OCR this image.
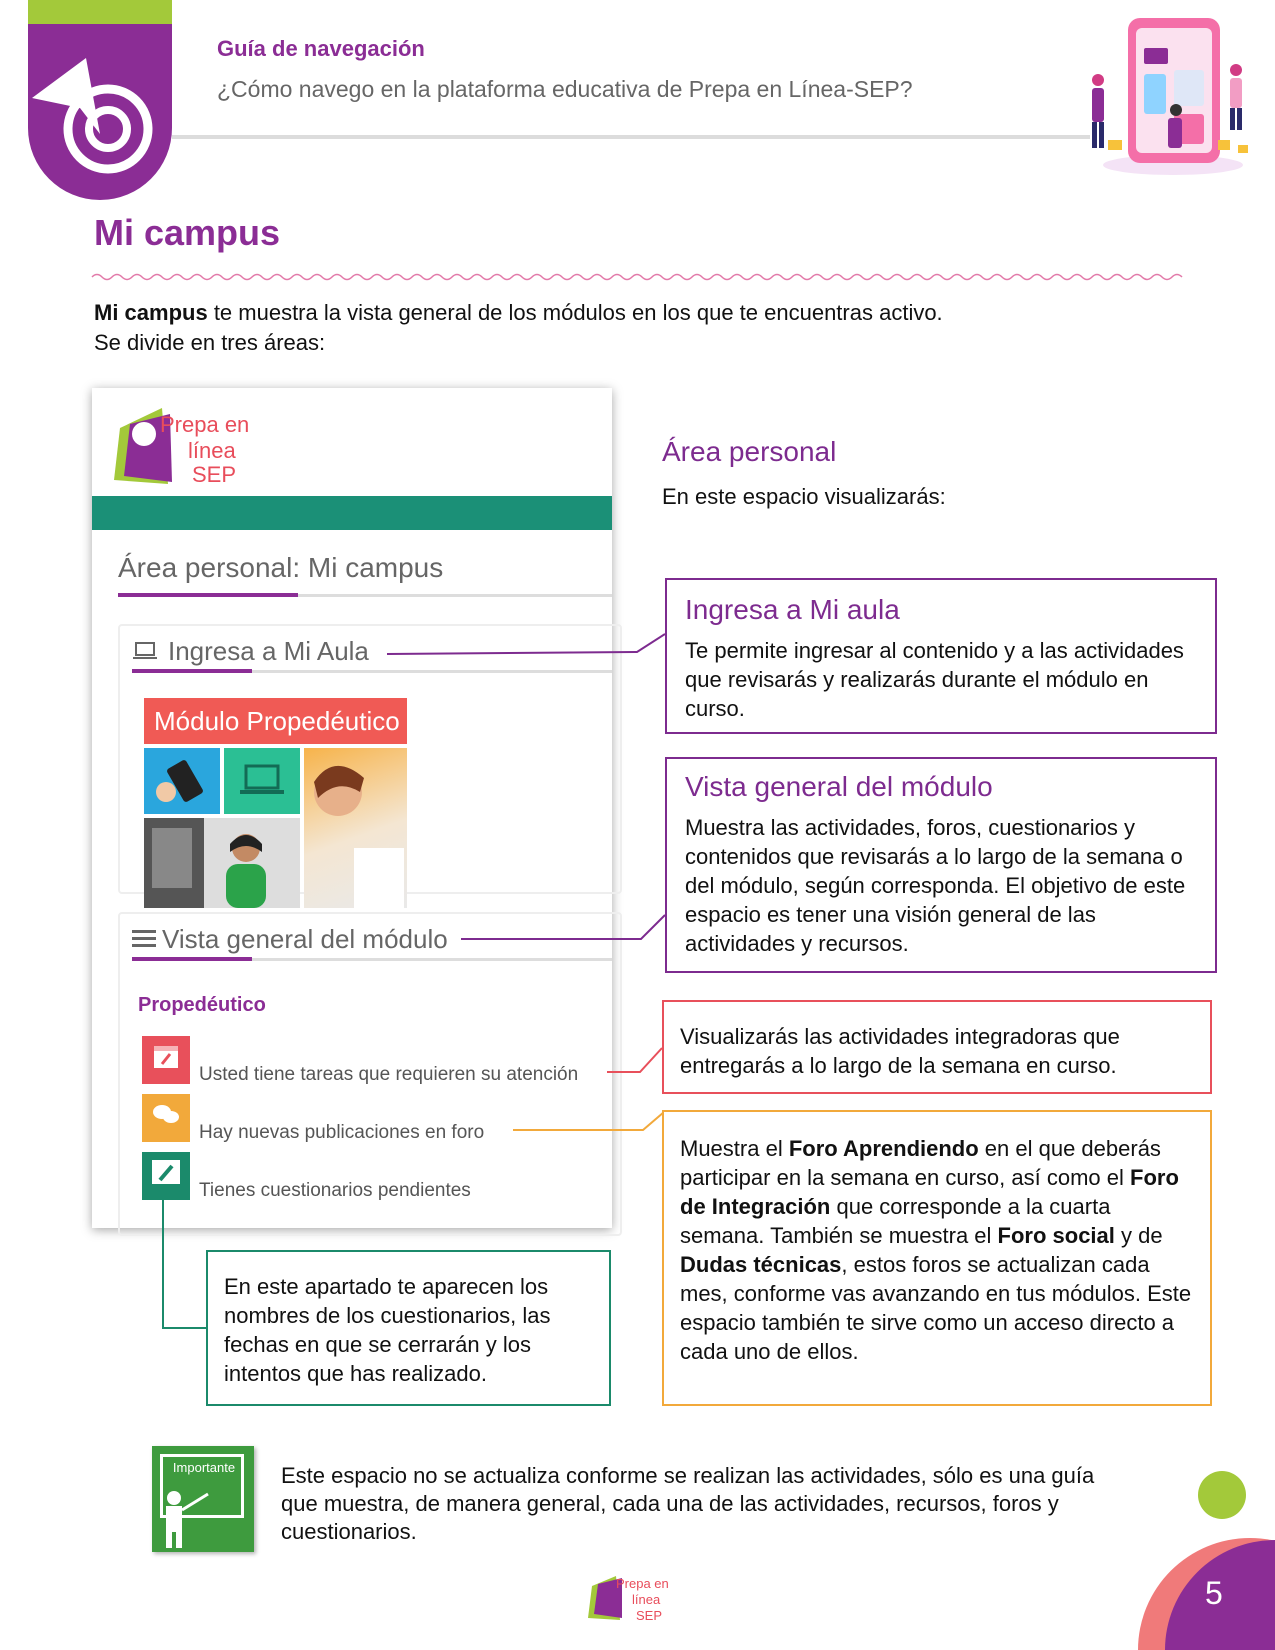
Guía de navegación
¿Cómo navego en la plataforma educativa de Prepa en Línea-SEP?
Mi campus
Mi campus te muestra la vista general de los módulos en los que te encuentras activo.
Se divide en tres áreas:
Prepa en
línea
SEP
Área personal: Mi campus
Ingresa a Mi Aula
Módulo Propedéutico
Vista general del módulo
Propedéutico
Usted tiene tareas que requieren su atención
Hay nuevas publicaciones en foro
Tienes cuestionarios pendientes
Área personal
En este espacio visualizarás:
Ingresa a Mi aula

Te permite ingresar al contenido y a las actividades que revisarás y realizarás durante el módulo en curso.

Vista general del módulo

Muestra las actividades, foros, cuestionarios y contenidos que revisarás a lo largo de la semana o del módulo, según corresponda. El objetivo de este espacio es tener una visión general de las actividades y recursos.

Visualizarás las actividades integradoras que entregarás a lo largo de la semana en curso.

Muestra el Foro Aprendiendo en el que deberás participar en la semana en curso, así como el Foro de Integración que corresponde a la cuarta semana. También se muestra el Foro social y de Dudas técnicas, estos foros se actualizan cada mes, conforme vas avanzando en tus módulos. Este espacio también te sirve como un acceso directo a cada uno de ellos.

En este apartado te aparecen los nombres de los cuestionarios, las fechas en que se cerrarán y los intentos que has realizado.

Importante	Este espacio no se actualiza conforme se realizan las actividades, sólo es una guía que muestra, de manera general, cada una de las actividades, recursos, foros y cuestionarios.
Prepa en
línea
SEP
5
